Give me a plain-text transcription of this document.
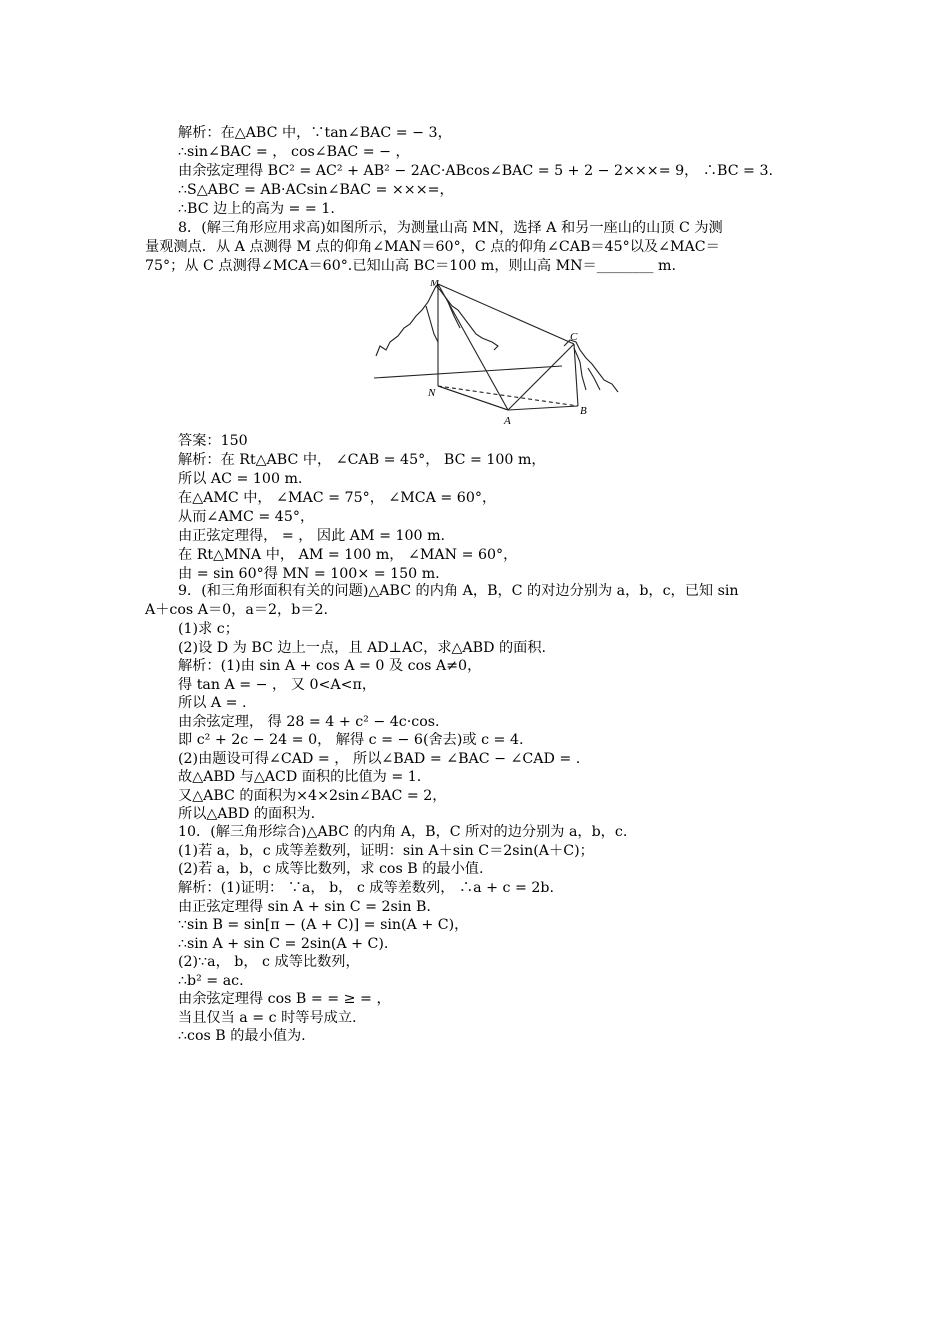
解析：在△ABC 中，∵tan∠BAC = − 3，
∴sin∠BAC = ， cos∠BAC = − ，
由余弦定理得 BC² = AC² + AB² − 2AC·ABcos∠BAC = 5 + 2 − 2×××= 9， ∴BC = 3.
∴S△ABC = AB·ACsin∠BAC = ×××=，
∴BC 边上的高为 = = 1.
8．(解三角形应用求高)如图所示，为测量山高 MN，选择 A 和另一座山的山顶 C 为测
量观测点．从 A 点测得 M 点的仰角∠MAN＝60°，C 点的仰角∠CAB＝45°以及∠MAC＝
75°；从 C 点测得∠MCA＝60°.已知山高 BC＝100 m，则山高 MN＝________ m.
M
N
A
B
C
答案：150
解析：在 Rt△ABC 中， ∠CAB = 45°， BC = 100 m，
所以 AC = 100 m.
在△AMC 中， ∠MAC = 75°， ∠MCA = 60°，
从而∠AMC = 45°，
由正弦定理得， = ， 因此 AM = 100 m.
在 Rt△MNA 中， AM = 100 m， ∠MAN = 60°，
由 = sin 60°得 MN = 100× = 150 m.
9．(和三角形面积有关的问题)△ABC 的内角 A，B，C 的对边分别为 a，b，c，已知 sin
A＋cos A＝0，a＝2，b＝2.
(1)求 c；
(2)设 D 为 BC 边上一点，且 AD⊥AC，求△ABD 的面积.
解析：(1)由 sin A + cos A = 0 及 cos A≠0，
得 tan A = − ， 又 0<A<π，
所以 A = .
由余弦定理， 得 28 = 4 + c² − 4c·cos.
即 c² + 2c − 24 = 0， 解得 c = − 6(舍去)或 c = 4.
(2)由题设可得∠CAD = ， 所以∠BAD = ∠BAC − ∠CAD = .
故△ABD 与△ACD 面积的比值为 = 1.
又△ABC 的面积为×4×2sin∠BAC = 2，
所以△ABD 的面积为.
10．(解三角形综合)△ABC 的内角 A，B，C 所对的边分别为 a，b，c.
(1)若 a，b，c 成等差数列，证明：sin A＋sin C＝2sin(A＋C)；
(2)若 a，b，c 成等比数列，求 cos B 的最小值.
解析：(1)证明： ∵a， b， c 成等差数列， ∴a + c = 2b.
由正弦定理得 sin A + sin C = 2sin B.
∵sin B = sin[π − (A + C)] = sin(A + C)，
∴sin A + sin C = 2sin(A + C).
(2)∵a， b， c 成等比数列，
∴b² = ac.
由余弦定理得 cos B = = ≥ = ，
当且仅当 a = c 时等号成立.
∴cos B 的最小值为.
